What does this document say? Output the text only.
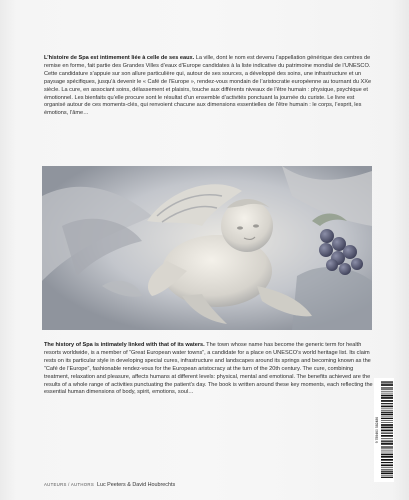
L’histoire de Spa est intimement liée à celle de ses eaux. La ville, dont le nom est devenu l’appellation générique des centres de remise en forme, fait partie des Grandes Villes d’eaux d’Europe candidates à la liste indicative du patrimoine mondial de l’UNESCO. Cette candidature s’appuie sur son allure particulière qui, autour de ses sources, a développé des soins, une infrastructure et un paysage spécifiques, jusqu’à devenir le « Café de l’Europe », rendez-vous mondain de l’aristocratie européenne au tournant du XXe siècle. La cure, en associant soins, délassement et plaisirs, touche aux différents niveaux de l’être humain : physique, psychique et émotionnel. Les bienfaits qu’elle procure sont le résultat d’un ensemble d’activités ponctuant la journée du curiste. Le livre est organisé autour de ces moments-clés, qui renvoient chacune aux dimensions essentielles de l’être humain : le corps, l’esprit, les émotions, l’âme…

The history of Spa is intimately linked with that of its waters. The town whose name has become the generic term for health resorts worldwide, is a member of “Great European water towns”, a candidate for a place on UNESCO’s world heritage list. Its claim rests on its particular style in developing special cures, infrastructure and landscapes around its springs and becoming known as the “Café de l’Europe”, fashionable rendez-vous for the European aristocracy at the turn of the 20th century. The cure, combining treatment, relaxation and pleasure, affects humans at different levels: physical, mental and emotional. The benefits achieved are the results of a whole range of activities punctuating the patient’s day. The book is written around these key moments, each reflecting the essential human dimensions of body, spirit, emotions, soul…

9 789460 582486
AUTEURS / AUTHORS Luc Peeters & David Houbrechts
